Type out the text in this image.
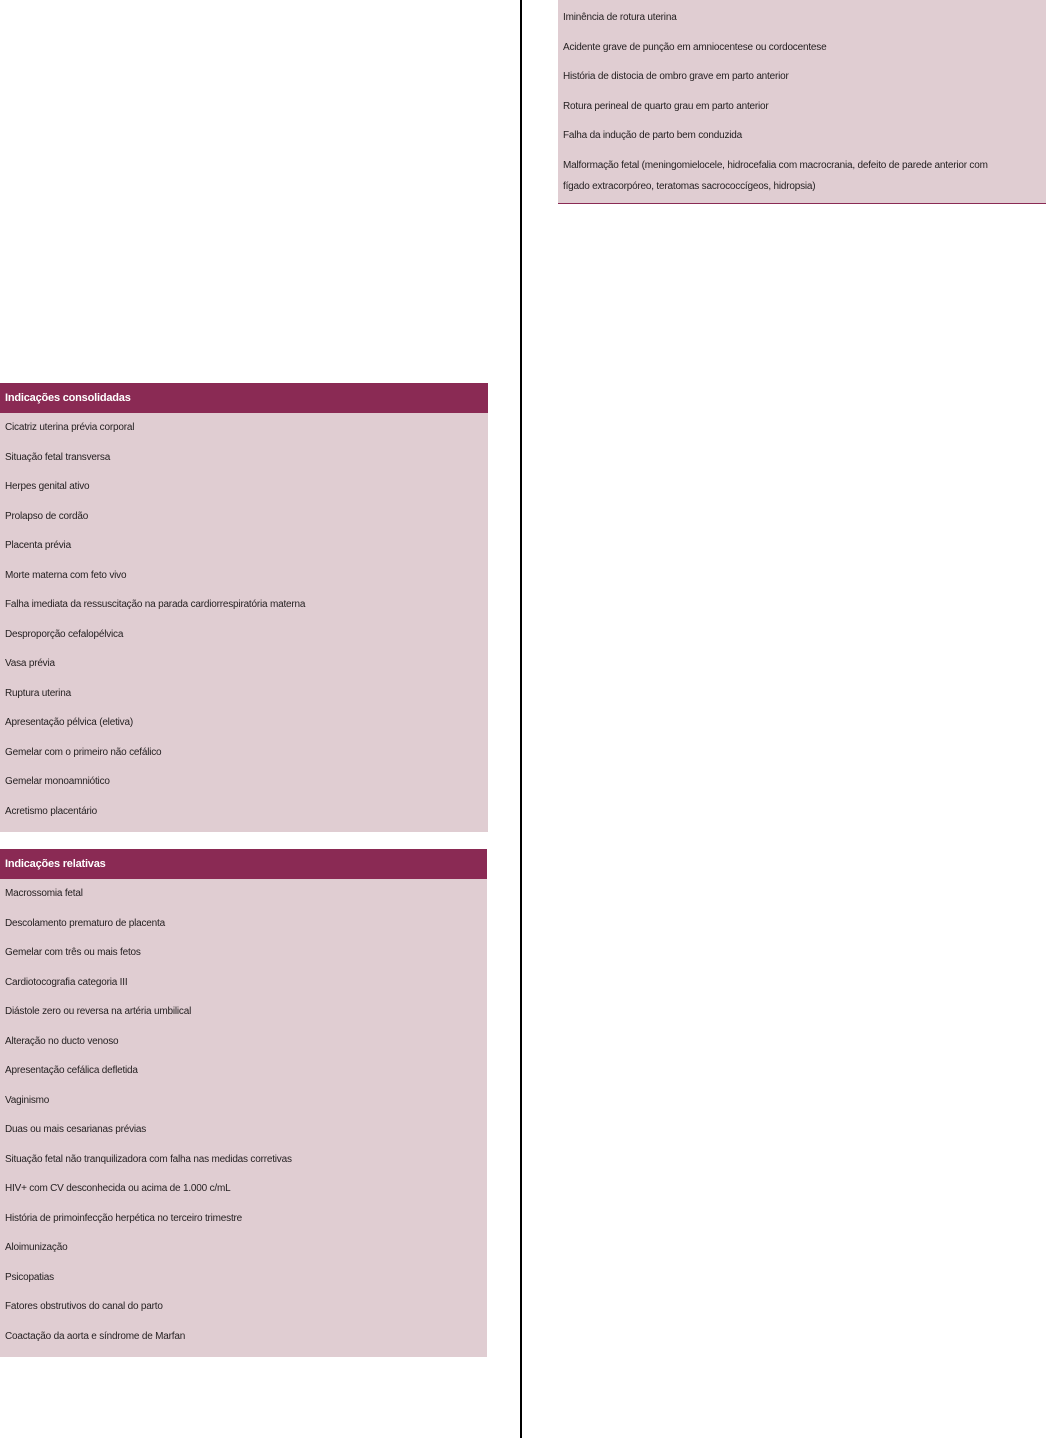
Indicações consolidadas
Cicatriz uterina prévia corporal
Situação fetal transversa
Herpes genital ativo
Prolapso de cordão
Placenta prévia
Morte materna com feto vivo
Falha imediata da ressuscitação na parada cardiorrespiratória materna
Desproporção cefalopélvica
Vasa prévia
Ruptura uterina
Apresentação pélvica (eletiva)
Gemelar com o primeiro não cefálico
Gemelar monoamniótico
Acretismo placentário
Indicações relativas
Macrossomia fetal
Descolamento prematuro de placenta
Gemelar com três ou mais fetos
Cardiotocografia categoria III
Diástole zero ou reversa na artéria umbilical
Alteração no ducto venoso
Apresentação cefálica defletida
Vaginismo
Duas ou mais cesarianas prévias
Situação fetal não tranquilizadora com falha nas medidas corretivas
HIV+ com CV desconhecida ou acima de 1.000 c/mL
História de primoinfecção herpética no terceiro trimestre
Aloimunização
Psicopatias
Fatores obstrutivos do canal do parto
Coactação da aorta e síndrome de Marfan
Iminência de rotura uterina
Acidente grave de punção em amniocentese ou cordocentese
História de distocia de ombro grave em parto anterior
Rotura perineal de quarto grau em parto anterior
Falha da indução de parto bem conduzida
Malformação fetal (meningomielocele, hidrocefalia com macrocrania, defeito de parede anterior com fígado extracorpóreo, teratomas sacrococcígeos, hidropsia)
